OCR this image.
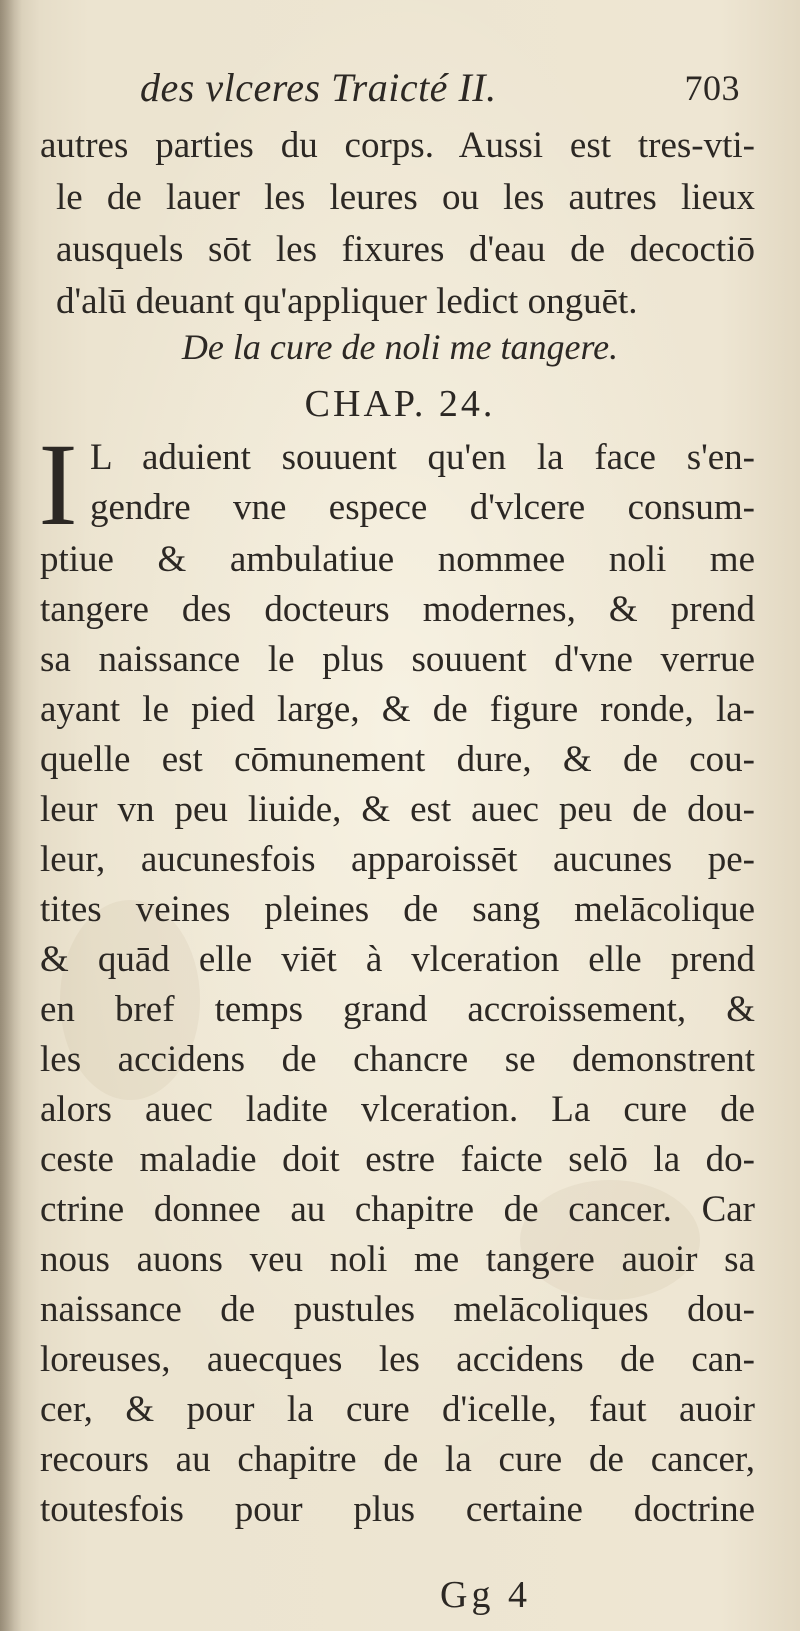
des vlceres Traicté II.	703
autres parties du corps. Aussi est tres-vti-
le de lauer les leures ou les autres lieux
ausquels sōt les fixures d'eau de decoctiō
d'alū deuant qu'appliquer ledict onguēt.
De la cure de noli me tangere.
CHAP. 24.
I L aduient souuent qu'en la face s'en-
gendre vne espece d'vlcere consum-
ptiue & ambulatiue nommee noli me
tangere des docteurs modernes, & prend
sa naissance le plus souuent d'vne verrue
ayant le pied large, & de figure ronde, la-
quelle est cōmunement dure, & de cou-
leur vn peu liuide, & est auec peu de dou-
leur, aucunesfois apparoissēt aucunes pe-
tites veines pleines de sang melācolique
& quād elle viēt à vlceration elle prend
en bref temps grand accroissement, &
les accidens de chancre se demonstrent
alors auec ladite vlceration. La cure de
ceste maladie doit estre faicte selō la do-
ctrine donnee au chapitre de cancer. Car
nous auons veu noli me tangere auoir sa
naissance de pustules melācoliques dou-
loreuses, auecques les accidens de can-
cer, & pour la cure d'icelle, faut auoir
recours au chapitre de la cure de cancer,
toutesfois pour plus certaine doctrine
Gg 4
